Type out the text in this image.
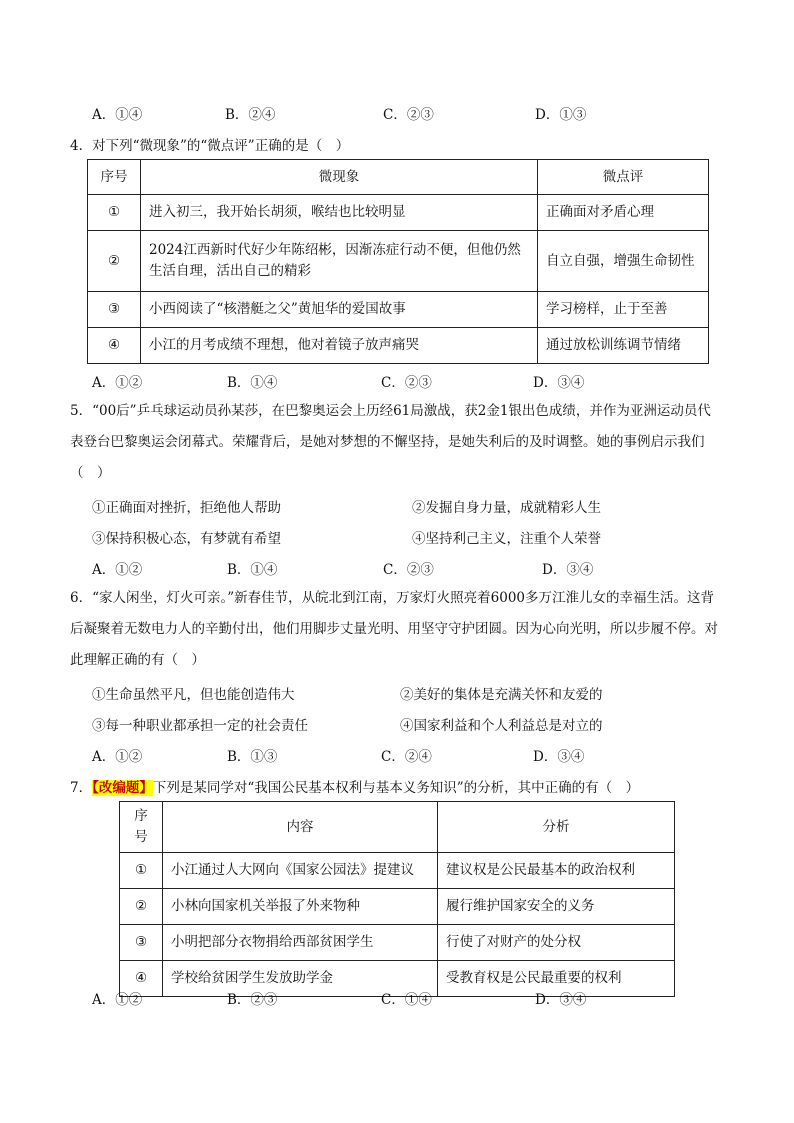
A．①④	B．②④	C．②③	D．①③
4．对下列“微现象”的“微点评”正确的是（　）
序号	微现象	微点评
①	进入初三，我开始长胡须，喉结也比较明显	正确面对矛盾心理
②	2024江西新时代好少年陈绍彬，因渐冻症行动不便，但他仍然生活自理，活出自己的精彩	自立自强，增强生命韧性
③	小西阅读了“核潜艇之父”黄旭华的爱国故事	学习榜样，止于至善
④	小江的月考成绩不理想，他对着镜子放声痛哭	通过放松训练调节情绪
A．①②	B．①④	C．②③	D．③④
5．“00后”乒乓球运动员孙某莎，在巴黎奥运会上历经61局激战，获2金1银出色成绩，并作为亚洲运动员代表登台巴黎奥运会闭幕式。荣耀背后，是她对梦想的不懈坚持，是她失利后的及时调整。她的事例启示我们（　）
①正确面对挫折，拒绝他人帮助	②发掘自身力量，成就精彩人生
③保持积极心态，有梦就有希望	④坚持利己主义，注重个人荣誉
A．①②	B．①④	C．②③	D．③④
6．“家人闲坐，灯火可亲。”新春佳节，从皖北到江南，万家灯火照亮着6000多万江淮儿女的幸福生活。这背后凝聚着无数电力人的辛勤付出，他们用脚步丈量光明、用坚守守护团圆。因为心向光明，所以步履不停。对此理解正确的有（　）
①生命虽然平凡，但也能创造伟大	②美好的集体是充满关怀和友爱的
③每一种职业都承担一定的社会责任	④国家利益和个人利益总是对立的
A．①②	B．①③	C．②④	D．③④
7．【改编题】下列是某同学对“我国公民基本权利与基本义务知识”的分析，其中正确的有（　）
序号	内容	分析
①	小江通过人大网向《国家公园法》提建议	建议权是公民最基本的政治权利
②	小林向国家机关举报了外来物种	履行维护国家安全的义务
③	小明把部分衣物捐给西部贫困学生	行使了对财产的处分权
④	学校给贫困学生发放助学金	受教育权是公民最重要的权利
A．①②	B．②③	C．①④	D．③④
